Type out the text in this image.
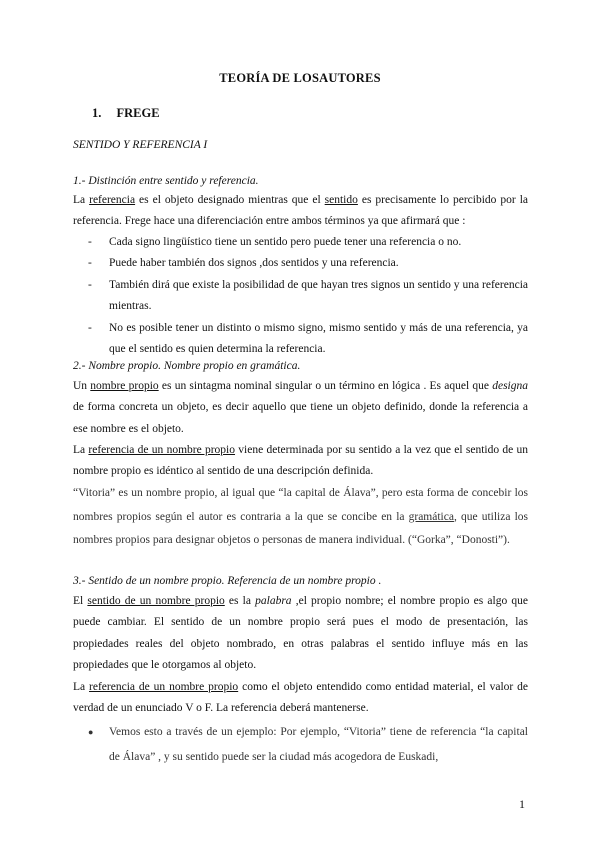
TEORÍA DE LOSAUTORES
1. FREGE
SENTIDO Y REFERENCIA I
1.- Distinción entre sentido y referencia.

La referencia es el objeto designado mientras que el sentido es precisamente lo percibido por la referencia. Frege hace una diferenciación entre ambos términos ya que afirmará que :

- Cada signo lingüístico tiene un sentido pero puede tener una referencia o no.
- Puede haber también dos signos ,dos sentidos y una referencia.
- También dirá que existe la posibilidad de que hayan tres signos un sentido y una referencia mientras.
- No es posible tener un distinto o mismo signo, mismo sentido y más de una referencia, ya que el sentido es quien determina la referencia.
2.- Nombre propio. Nombre propio en gramática.

Un nombre propio es un sintagma nominal singular o un término en lógica . Es aquel que designa de forma concreta un objeto, es decir aquello que tiene un objeto definido, donde la referencia a ese nombre es el objeto.

La referencia de un nombre propio viene determinada por su sentido a la vez que el sentido de un nombre propio es idéntico al sentido de una descripción definida.

“Vitoria” es un nombre propio, al igual que “la capital de Álava”, pero esta forma de concebir los nombres propios según el autor es contraria a la que se concibe en la gramática, que utiliza los nombres propios para designar objetos o personas de manera individual. (“Gorka”, “Donosti”).

3.- Sentido de un nombre propio. Referencia de un nombre propio .

El sentido de un nombre propio es la palabra ,el propio nombre; el nombre propio es algo que puede cambiar. El sentido de un nombre propio será pues el modo de presentación, las propiedades reales del objeto nombrado, en otras palabras el sentido influye más en las propiedades que le otorgamos al objeto.

La referencia de un nombre propio como el objeto entendido como entidad material, el valor de verdad de un enunciado V o F. La referencia deberá mantenerse.

● Vemos esto a través de un ejemplo: Por ejemplo, “Vitoria” tiene de referencia “la capital de Álava” , y su sentido puede ser la ciudad más acogedora de Euskadi,
1
